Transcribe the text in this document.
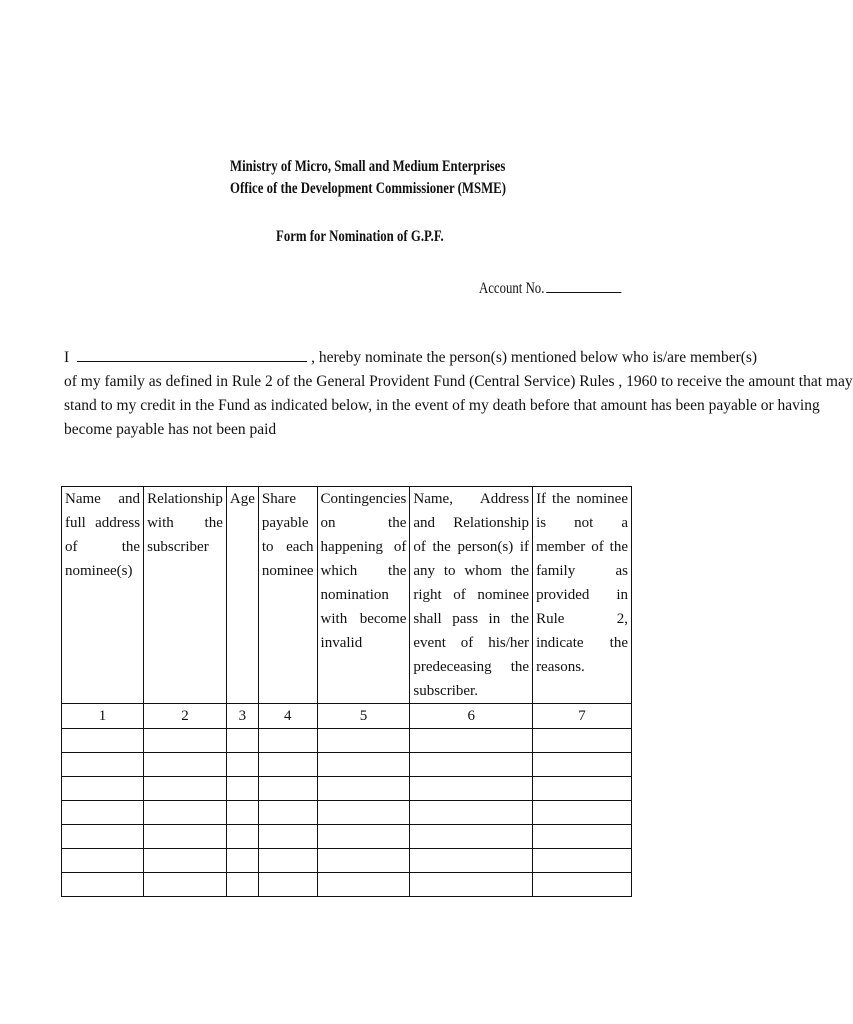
Ministry of Micro, Small and Medium Enterprises
Office of the Development Commissioner (MSME)
Form for Nomination of G.P.F.
Account No.

I	, hereby nominate the person(s) mentioned below who is/are member(s)

of my family as defined in Rule 2 of the General Provident Fund (Central Service) Rules , 1960 to receive the amount that may

stand to my credit in the Fund as indicated below, in the event of my death before that amount has been payable or having

become payable has not been paid

Name and full address of the nominee(s)	Relationship with the subscriber	Age	Share payable to each nominee	Contingencies on the happening of which the nomination with become invalid	Name, Address and Relationship of the person(s) if any to whom the right of nominee shall pass in the event of his/her predeceasing the subscriber.	If the nominee is not a member of the family as provided in Rule 2, indicate the reasons.

1	2	3	4	5	6	7
